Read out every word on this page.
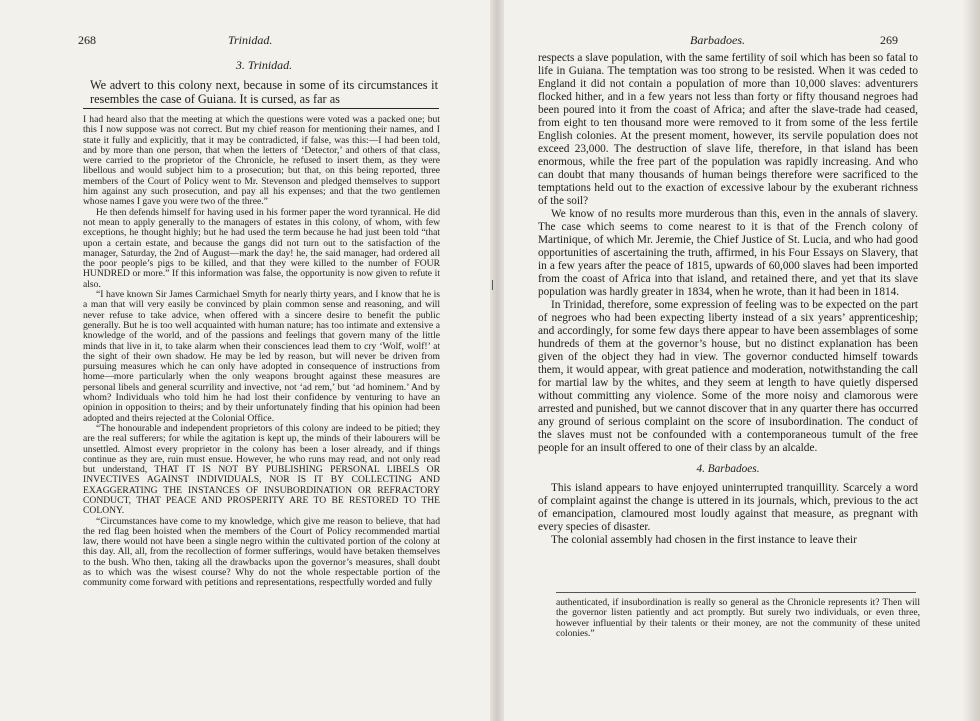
268	Trinidad.

3. Trinidad.

We advert to this colony next, because in some of its circumstances it resembles the case of Guiana. It is cursed, as far as

I had heard also that the meeting at which the questions were voted was a packed one; but this I now suppose was not correct. But my chief reason for mentioning their names, and I state it fully and explicitly, that it may be contradicted, if false, was this:—I had been told, and by more than one person, that when the letters of ‘Detector,’ and others of that class, were carried to the proprietor of the Chronicle, he refused to insert them, as they were libellous and would subject him to a prosecution; but that, on this being reported, three members of the Court of Policy went to Mr. Stevenson and pledged themselves to support him against any such prosecution, and pay all his expenses; and that the two gentlemen whose names I gave you were two of the three.”

He then defends himself for having used in his former paper the word tyrannical. He did not mean to apply generally to the managers of estates in this colony, of whom, with few exceptions, he thought highly; but he had used the term because he had just been told “that upon a certain estate, and because the gangs did not turn out to the satisfaction of the manager, Saturday, the 2nd of August—mark the day! he, the said manager, had ordered all the poor people’s pigs to be killed, and that they were killed to the number of FOUR HUNDRED or more.” If this information was false, the opportunity is now given to refute it also.

“I have known Sir James Carmichael Smyth for nearly thirty years, and I know that he is a man that will very easily be convinced by plain common sense and reasoning, and will never refuse to take advice, when offered with a sincere desire to benefit the public generally. But he is too well acquainted with human nature; has too intimate and extensive a knowledge of the world, and of the passions and feelings that govern many of the little minds that live in it, to take alarm when their consciences lead them to cry ‘Wolf, wolf!’ at the sight of their own shadow. He may be led by reason, but will never be driven from pursuing measures which he can only have adopted in consequence of instructions from home—more particularly when the only weapons brought against these measures are personal libels and general scurrility and invective, not ‘ad rem,’ but ‘ad hominem.’ And by whom? Individuals who told him he had lost their confidence by venturing to have an opinion in opposition to theirs; and by their unfortunately finding that his opinion had been adopted and theirs rejected at the Colonial Office.

“The honourable and independent proprietors of this colony are indeed to be pitied; they are the real sufferers; for while the agitation is kept up, the minds of their labourers will be unsettled. Almost every proprietor in the colony has been a loser already, and if things continue as they are, ruin must ensue. However, he who runs may read, and not only read but understand, THAT IT IS NOT BY PUBLISHING PERSONAL LIBELS OR INVECTIVES AGAINST INDIVIDUALS, NOR IS IT BY COLLECTING AND EXAGGERATING THE INSTANCES OF INSUBORDINATION OR REFRACTORY CONDUCT, THAT PEACE AND PROSPERITY ARE TO BE RESTORED TO THE COLONY.

“Circumstances have come to my knowledge, which give me reason to believe, that had the red flag been hoisted when the members of the Court of Policy recommended martial law, there would not have been a single negro within the cultivated portion of the colony at this day. All, all, from the recollection of former sufferings, would have betaken themselves to the bush. Who then, taking all the drawbacks upon the governor’s measures, shall doubt as to which was the wisest course? Why do not the whole respectable portion of the community come forward with petitions and representations, respectfully worded and fully

Barbadoes.	269

respects a slave population, with the same fertility of soil which has been so fatal to life in Guiana. The temptation was too strong to be resisted. When it was ceded to England it did not contain a population of more than 10,000 slaves: adventurers flocked hither, and in a few years not less than forty or fifty thousand negroes had been poured into it from the coast of Africa; and after the slave-trade had ceased, from eight to ten thousand more were removed to it from some of the less fertile English colonies. At the present moment, however, its servile population does not exceed 23,000. The destruction of slave life, therefore, in that island has been enormous, while the free part of the population was rapidly increasing. And who can doubt that many thousands of human beings therefore were sacrificed to the temptations held out to the exaction of excessive labour by the exuberant richness of the soil?

We know of no results more murderous than this, even in the annals of slavery. The case which seems to come nearest to it is that of the French colony of Martinique, of which Mr. Jeremie, the Chief Justice of St. Lucia, and who had good opportunities of ascertaining the truth, affirmed, in his Four Essays on Slavery, that in a few years after the peace of 1815, upwards of 60,000 slaves had been imported from the coast of Africa into that island, and retained there, and yet that its slave population was hardly greater in 1834, when he wrote, than it had been in 1814.

In Trinidad, therefore, some expression of feeling was to be expected on the part of negroes who had been expecting liberty instead of a six years’ apprenticeship; and accordingly, for some few days there appear to have been assemblages of some hundreds of them at the governor’s house, but no distinct explanation has been given of the object they had in view. The governor conducted himself towards them, it would appear, with great patience and moderation, notwithstanding the call for martial law by the whites, and they seem at length to have quietly dispersed without committing any violence. Some of the more noisy and clamorous were arrested and punished, but we cannot discover that in any quarter there has occurred any ground of serious complaint on the score of insubordination. The conduct of the slaves must not be confounded with a contemporaneous tumult of the free people for an insult offered to one of their class by an alcalde.

4. Barbadoes.

This island appears to have enjoyed uninterrupted tranquillity. Scarcely a word of complaint against the change is uttered in its journals, which, previous to the act of emancipation, clamoured most loudly against that measure, as pregnant with every species of disaster.

The colonial assembly had chosen in the first instance to leave their

authenticated, if insubordination is really so general as the Chronicle represents it? Then will the governor listen patiently and act promptly. But surely two individuals, or even three, however influential by their talents or their money, are not the community of these united colonies.”
